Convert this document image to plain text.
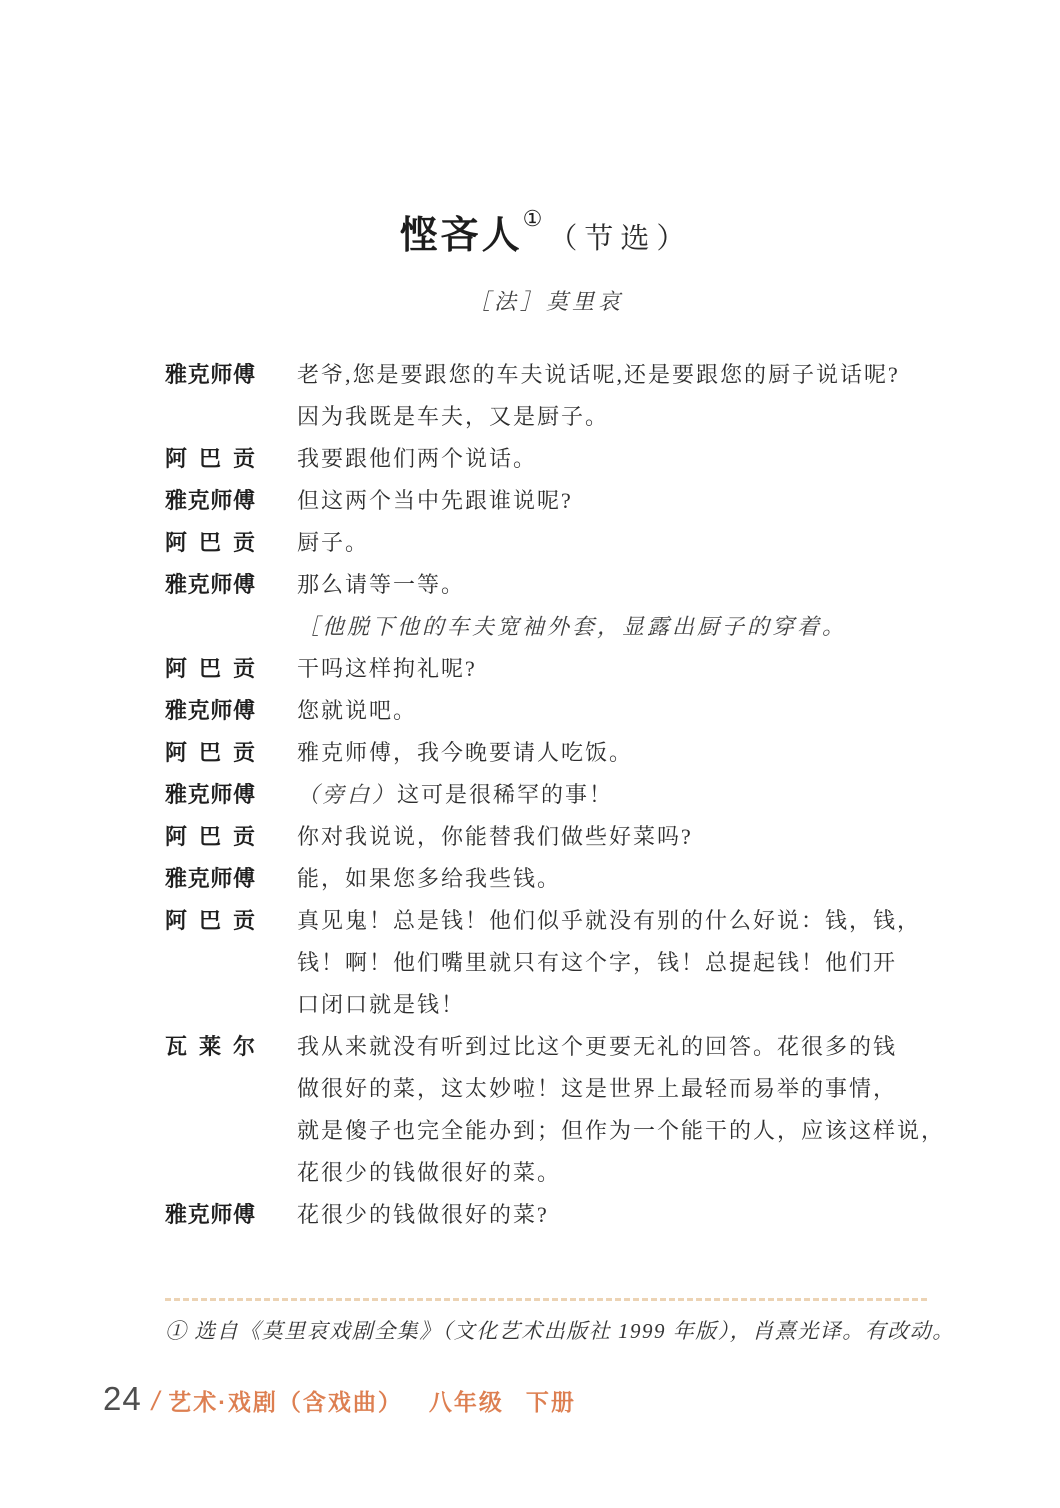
悭吝人①（节选）
［法］莫里哀
雅克师傅 老爷,您是要跟您的车夫说话呢,还是要跟您的厨子说话呢?
因为我既是车夫，又是厨子。
阿 巴 贡 我要跟他们两个说话。
雅克师傅 但这两个当中先跟谁说呢?
阿 巴 贡 厨子。
雅克师傅 那么请等一等。
［他脱下他的车夫宽袖外套，显露出厨子的穿着。
阿 巴 贡 干吗这样拘礼呢?
雅克师傅 您就说吧。
阿 巴 贡 雅克师傅，我今晚要请人吃饭。
雅克师傅 （旁白）这可是很稀罕的事！
阿 巴 贡 你对我说说，你能替我们做些好菜吗?
雅克师傅 能，如果您多给我些钱。
阿 巴 贡 真见鬼！总是钱！他们似乎就没有别的什么好说：钱，钱，
钱！啊！他们嘴里就只有这个字，钱！总提起钱！他们开
口闭口就是钱！
瓦 莱 尔 我从来就没有听到过比这个更要无礼的回答。花很多的钱
做很好的菜，这太妙啦！这是世界上最轻而易举的事情，
就是傻子也完全能办到；但作为一个能干的人，应该这样说，
花很少的钱做很好的菜。
雅克师傅 花很少的钱做很好的菜?
① 选自《莫里哀戏剧全集》（文化艺术出版社 1999 年版），肖熹光译。有改动。
24 / 艺术·戏剧（含戏曲） 八年级 下册
